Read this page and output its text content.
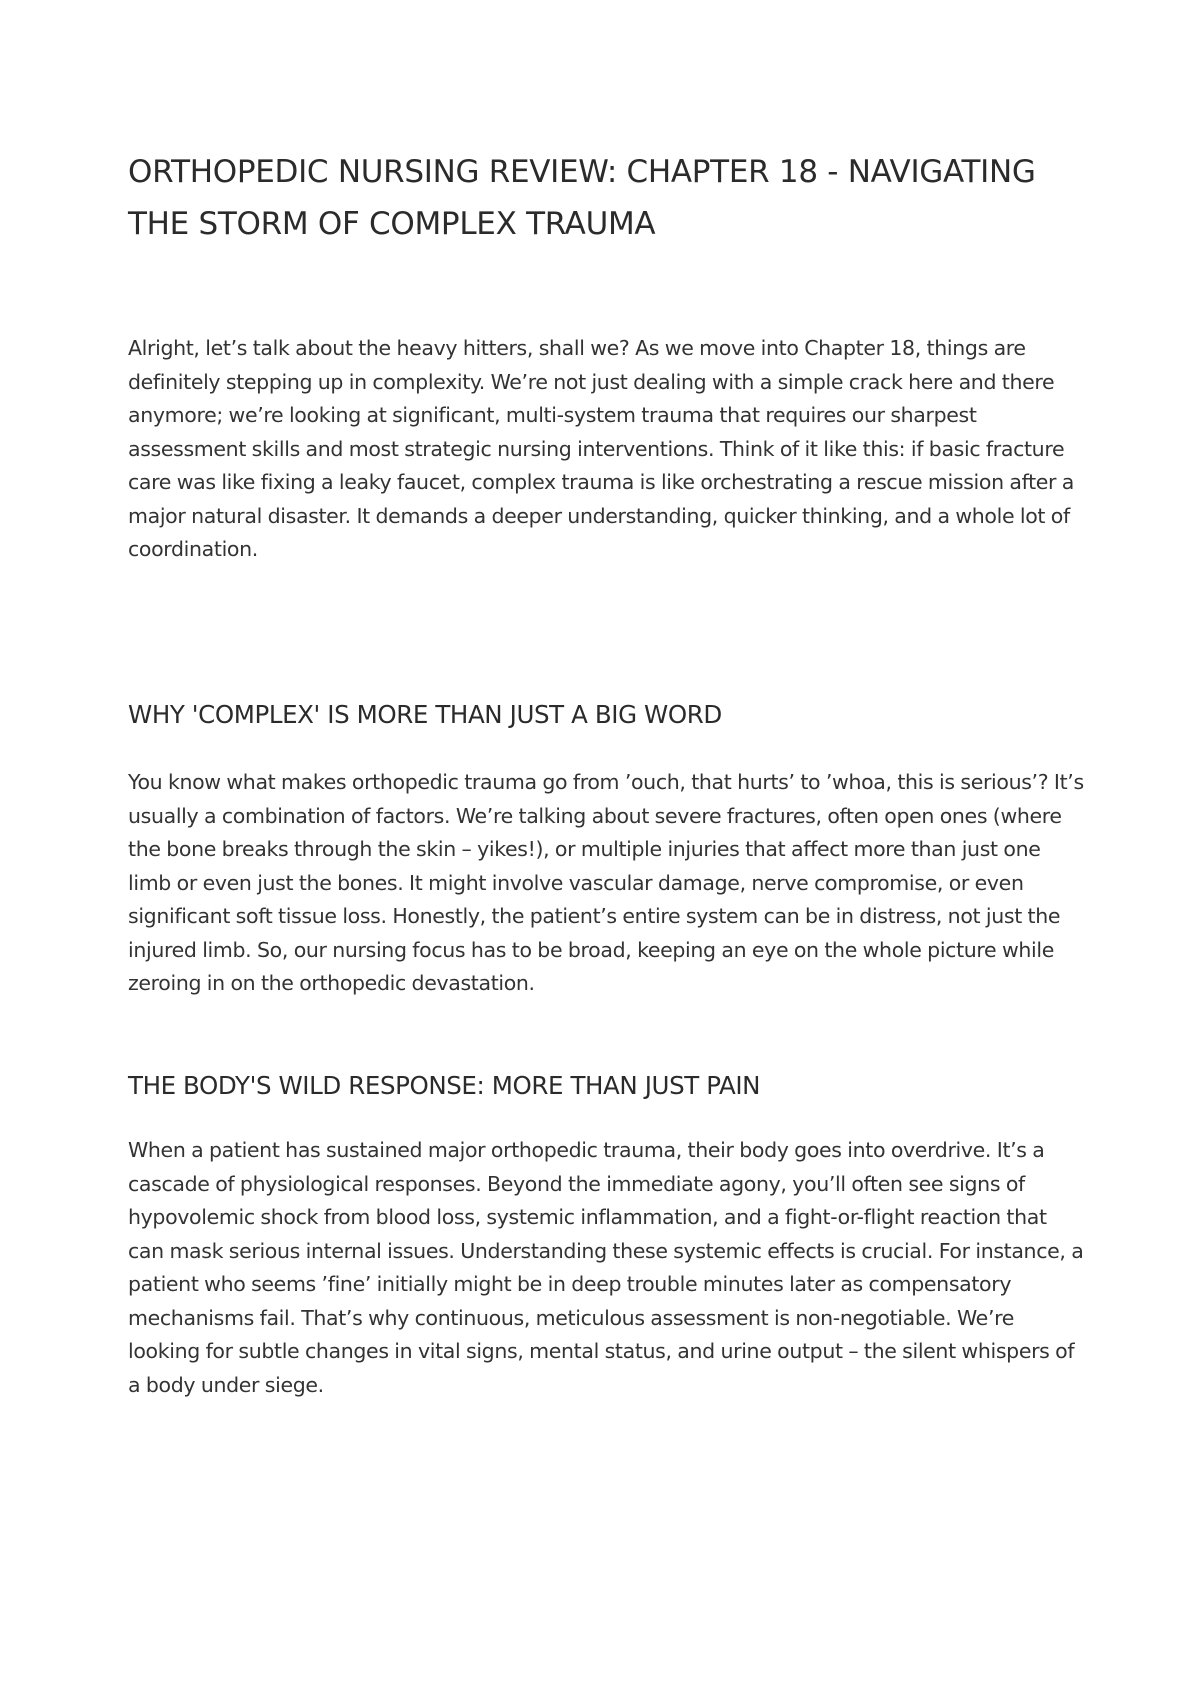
ORTHOPEDIC NURSING REVIEW: CHAPTER 18 - NAVIGATING THE STORM OF COMPLEX TRAUMA

Alright, let’s talk about the heavy hitters, shall we? As we move into Chapter 18, things are definitely stepping up in complexity. We’re not just dealing with a simple crack here and there anymore; we’re looking at significant, multi-system trauma that requires our sharpest assessment skills and most strategic nursing interventions. Think of it like this: if basic fracture care was like fixing a leaky faucet, complex trauma is like orchestrating a rescue mission after a major natural disaster. It demands a deeper understanding, quicker thinking, and a whole lot of coordination.

WHY 'COMPLEX' IS MORE THAN JUST A BIG WORD

You know what makes orthopedic trauma go from ’ouch, that hurts’ to ’whoa, this is serious’? It’s usually a combination of factors. We’re talking about severe fractures, often open ones (where the bone breaks through the skin – yikes!), or multiple injuries that affect more than just one limb or even just the bones. It might involve vascular damage, nerve compromise, or even significant soft tissue loss. Honestly, the patient’s entire system can be in distress, not just the injured limb. So, our nursing focus has to be broad, keeping an eye on the whole picture while zeroing in on the orthopedic devastation.

THE BODY'S WILD RESPONSE: MORE THAN JUST PAIN

When a patient has sustained major orthopedic trauma, their body goes into overdrive. It’s a cascade of physiological responses. Beyond the immediate agony, you’ll often see signs of hypovolemic shock from blood loss, systemic inflammation, and a fight-or-flight reaction that can mask serious internal issues. Understanding these systemic effects is crucial. For instance, a patient who seems ’fine’ initially might be in deep trouble minutes later as compensatory mechanisms fail. That’s why continuous, meticulous assessment is non-negotiable. We’re looking for subtle changes in vital signs, mental status, and urine output – the silent whispers of a body under siege.
